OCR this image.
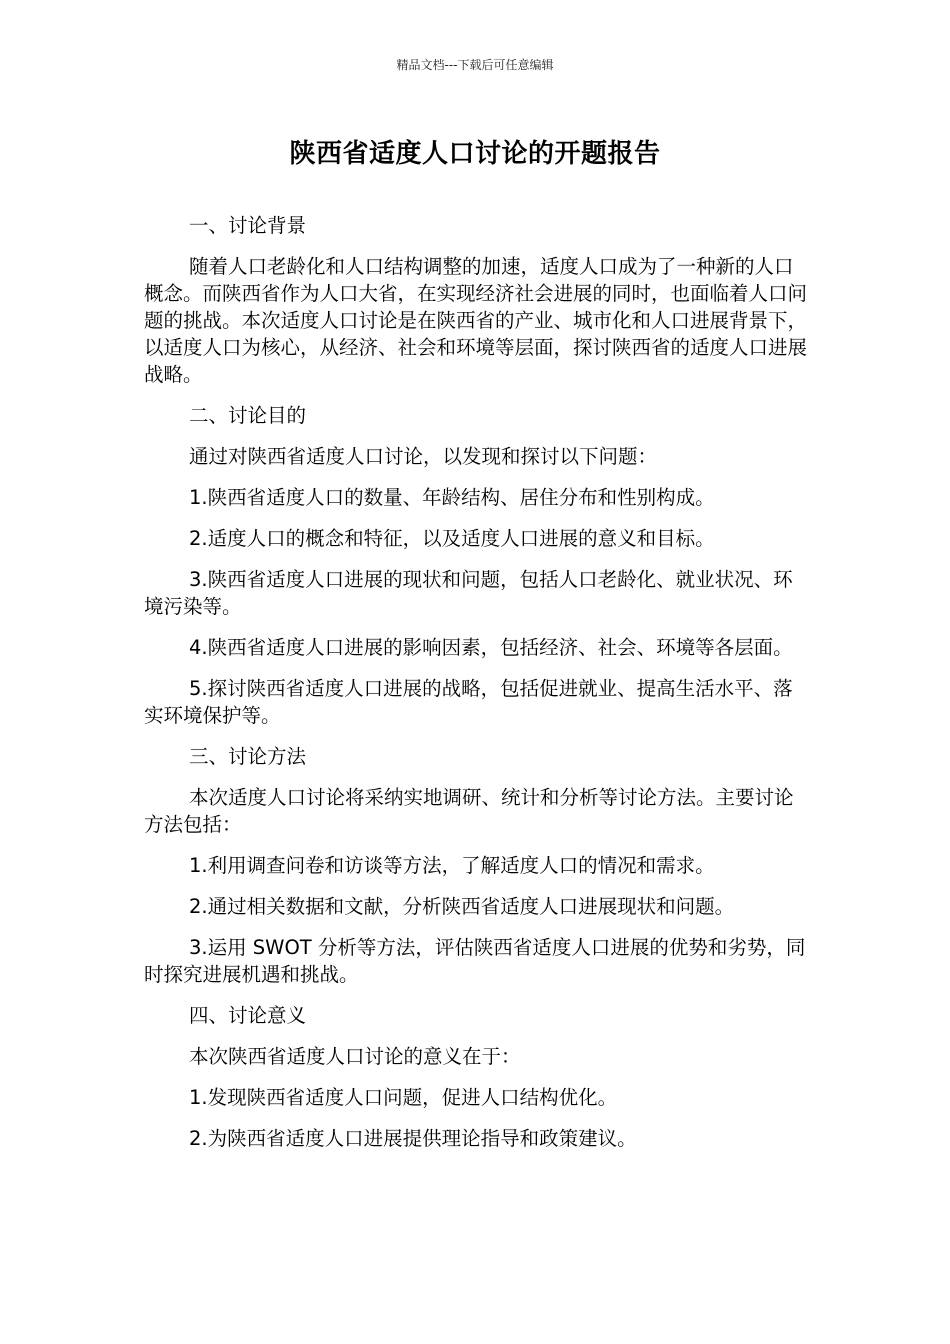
精品文档---下载后可任意编辑
陕西省适度人口讨论的开题报告

一、讨论背景

随着人口老龄化和人口结构调整的加速，适度人口成为了一种新的人口概念。而陕西省作为人口大省，在实现经济社会进展的同时，也面临着人口问题的挑战。本次适度人口讨论是在陕西省的产业、城市化和人口进展背景下，以适度人口为核心，从经济、社会和环境等层面，探讨陕西省的适度人口进展战略。

二、讨论目的

通过对陕西省适度人口讨论，以发现和探讨以下问题：

1.陕西省适度人口的数量、年龄结构、居住分布和性别构成。

2.适度人口的概念和特征，以及适度人口进展的意义和目标。

3.陕西省适度人口进展的现状和问题，包括人口老龄化、就业状况、环境污染等。

4.陕西省适度人口进展的影响因素，包括经济、社会、环境等各层面。

5.探讨陕西省适度人口进展的战略，包括促进就业、提高生活水平、落实环境保护等。

三、讨论方法

本次适度人口讨论将采纳实地调研、统计和分析等讨论方法。主要讨论方法包括：

1.利用调查问卷和访谈等方法，了解适度人口的情况和需求。

2.通过相关数据和文献，分析陕西省适度人口进展现状和问题。

3.运用 SWOT 分析等方法，评估陕西省适度人口进展的优势和劣势，同时探究进展机遇和挑战。

四、讨论意义

本次陕西省适度人口讨论的意义在于：

1.发现陕西省适度人口问题，促进人口结构优化。

2.为陕西省适度人口进展提供理论指导和政策建议。
